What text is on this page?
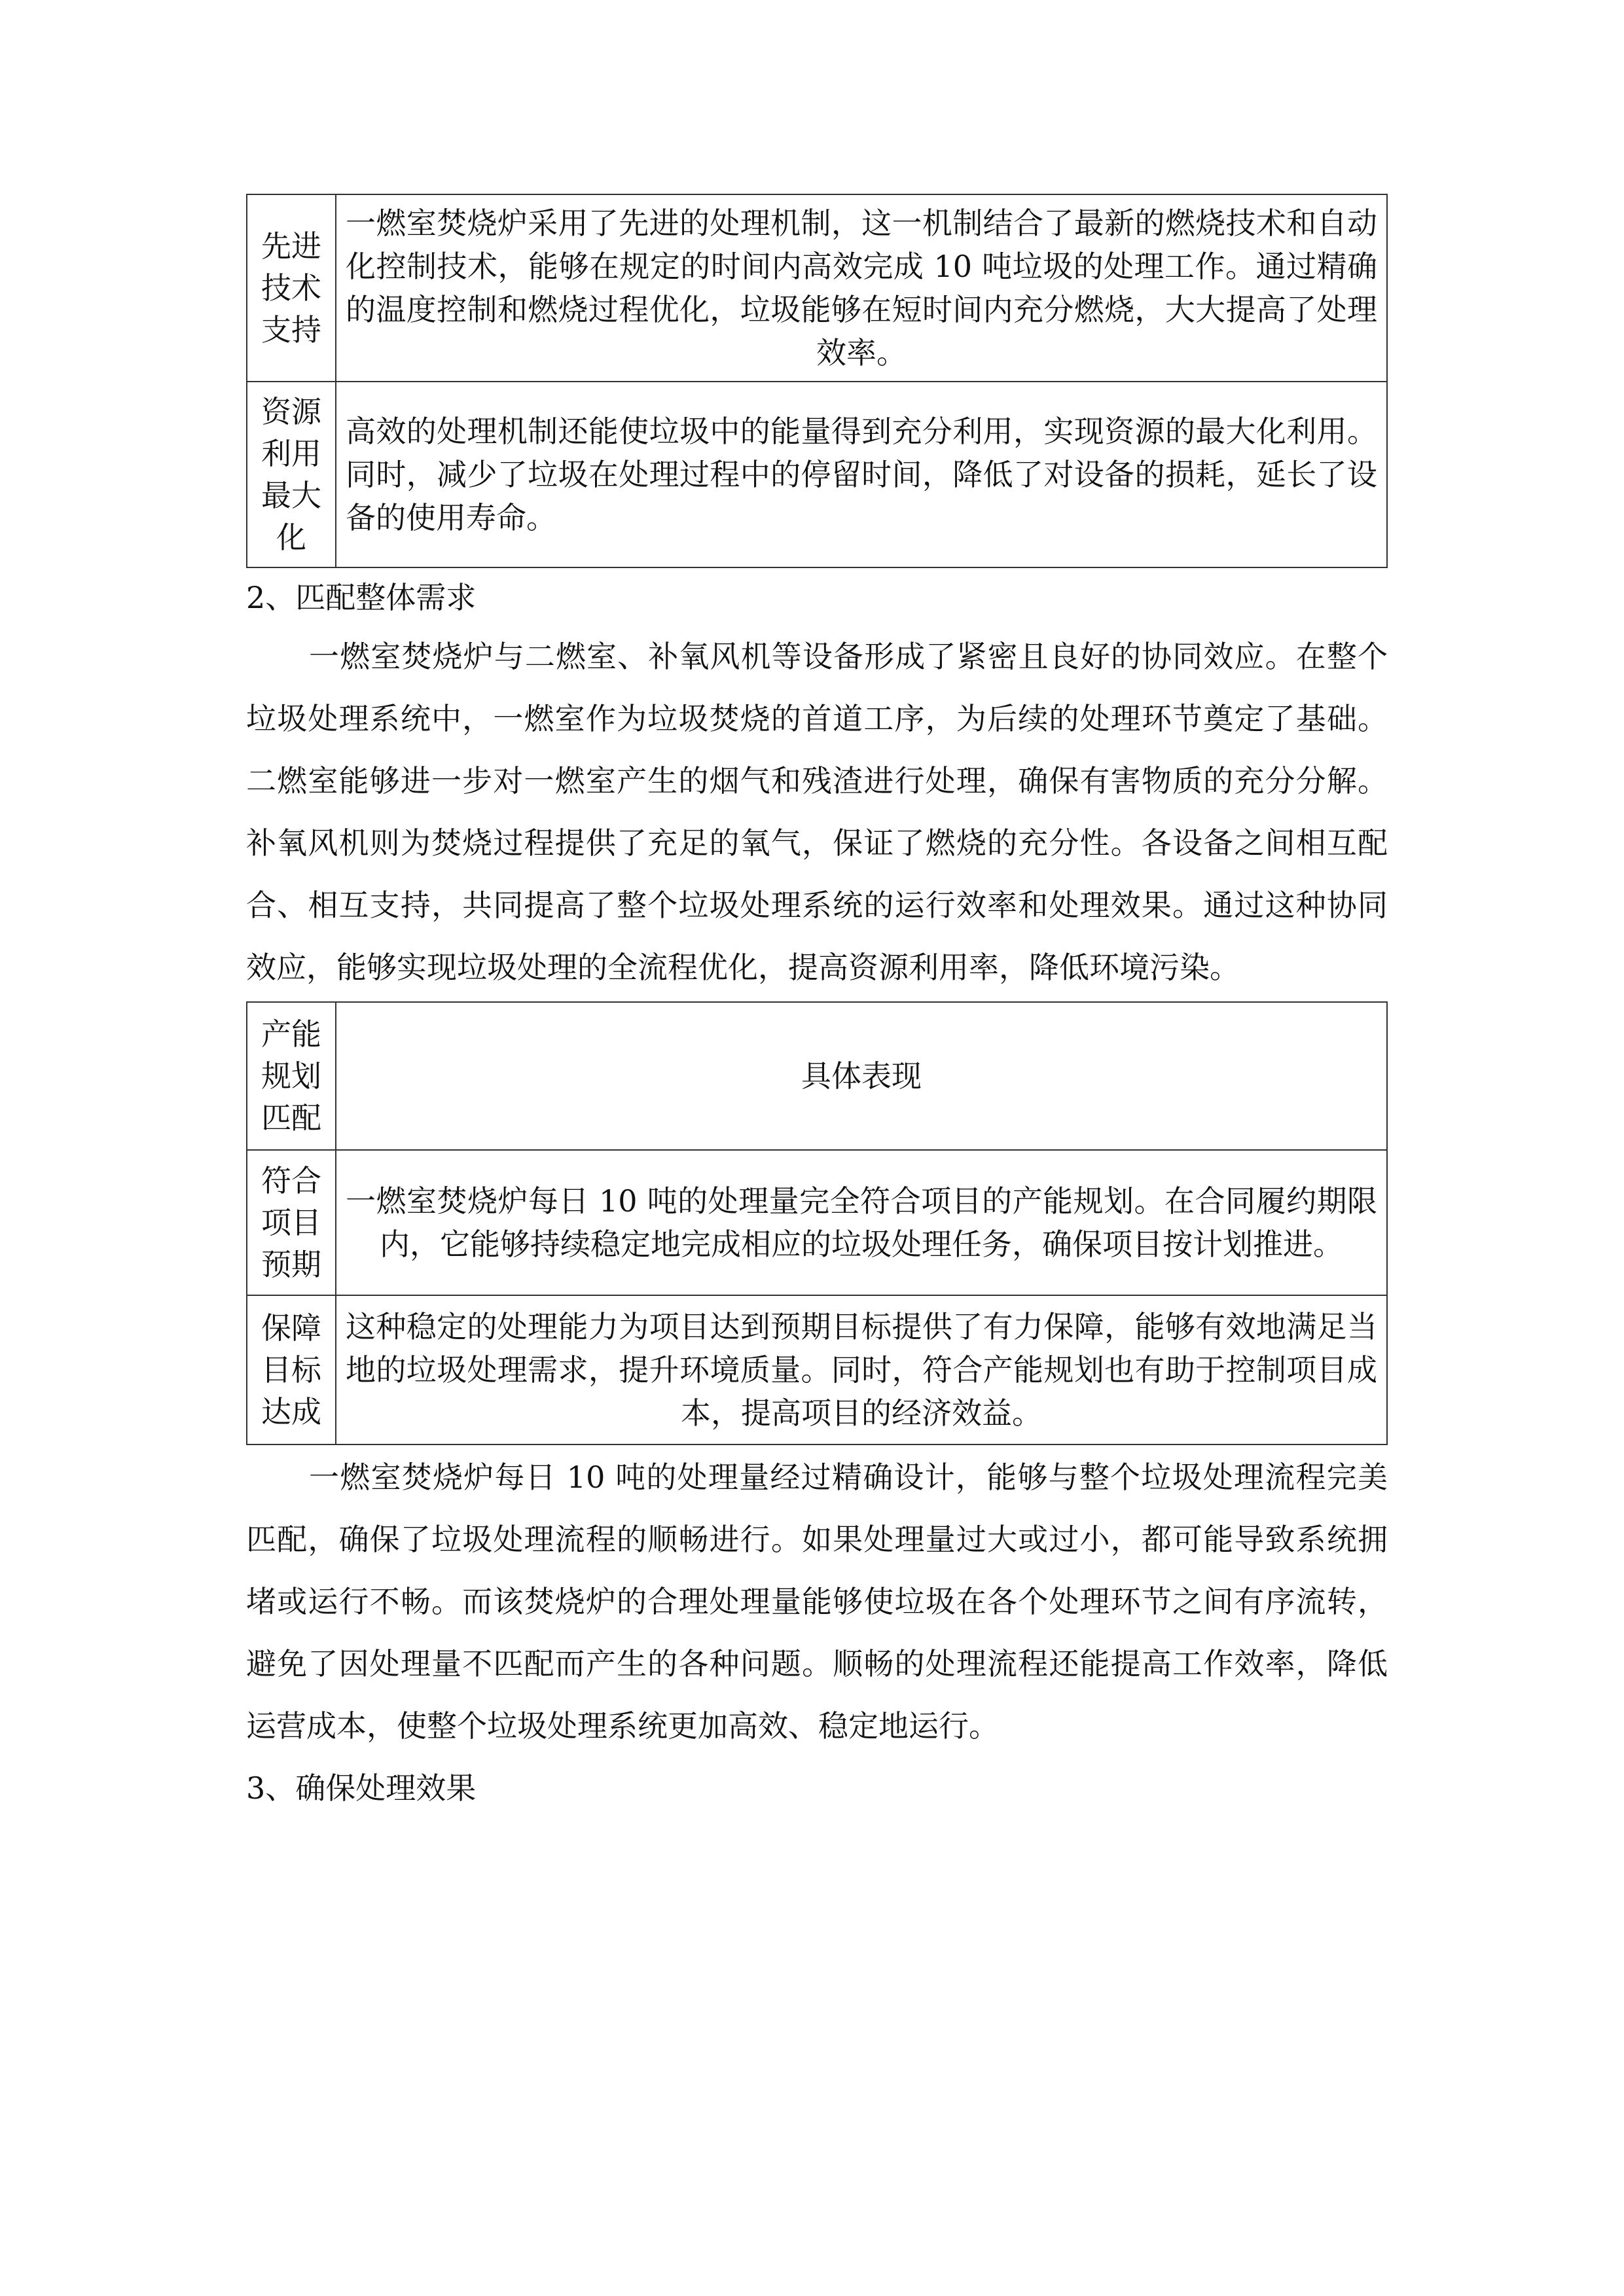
先进技术支持	一燃室焚烧炉采用了先进的处理机制，这一机制结合了最新的燃烧技术和自动化控制技术，能够在规定的时间内高效完成 10 吨垃圾的处理工作。通过精确的温度控制和燃烧过程优化，垃圾能够在短时间内充分燃烧，大大提高了处理效率。
资源利用最大化	高效的处理机制还能使垃圾中的能量得到充分利用，实现资源的最大化利用。同时，减少了垃圾在处理过程中的停留时间，降低了对设备的损耗，延长了设备的使用寿命。

2、匹配整体需求

一燃室焚烧炉与二燃室、补氧风机等设备形成了紧密且良好的协同效应。在整个垃圾处理系统中，一燃室作为垃圾焚烧的首道工序，为后续的处理环节奠定了基础。二燃室能够进一步对一燃室产生的烟气和残渣进行处理，确保有害物质的充分分解。补氧风机则为焚烧过程提供了充足的氧气，保证了燃烧的充分性。各设备之间相互配合、相互支持，共同提高了整个垃圾处理系统的运行效率和处理效果。通过这种协同效应，能够实现垃圾处理的全流程优化，提高资源利用率，降低环境污染。

产能规划匹配	具体表现
符合项目预期	一燃室焚烧炉每日 10 吨的处理量完全符合项目的产能规划。在合同履约期限内，它能够持续稳定地完成相应的垃圾处理任务，确保项目按计划推进。
保障目标达成	这种稳定的处理能力为项目达到预期目标提供了有力保障，能够有效地满足当地的垃圾处理需求，提升环境质量。同时，符合产能规划也有助于控制项目成本，提高项目的经济效益。

一燃室焚烧炉每日 10 吨的处理量经过精确设计，能够与整个垃圾处理流程完美匹配，确保了垃圾处理流程的顺畅进行。如果处理量过大或过小，都可能导致系统拥堵或运行不畅。而该焚烧炉的合理处理量能够使垃圾在各个处理环节之间有序流转，避免了因处理量不匹配而产生的各种问题。顺畅的处理流程还能提高工作效率，降低运营成本，使整个垃圾处理系统更加高效、稳定地运行。

3、确保处理效果
